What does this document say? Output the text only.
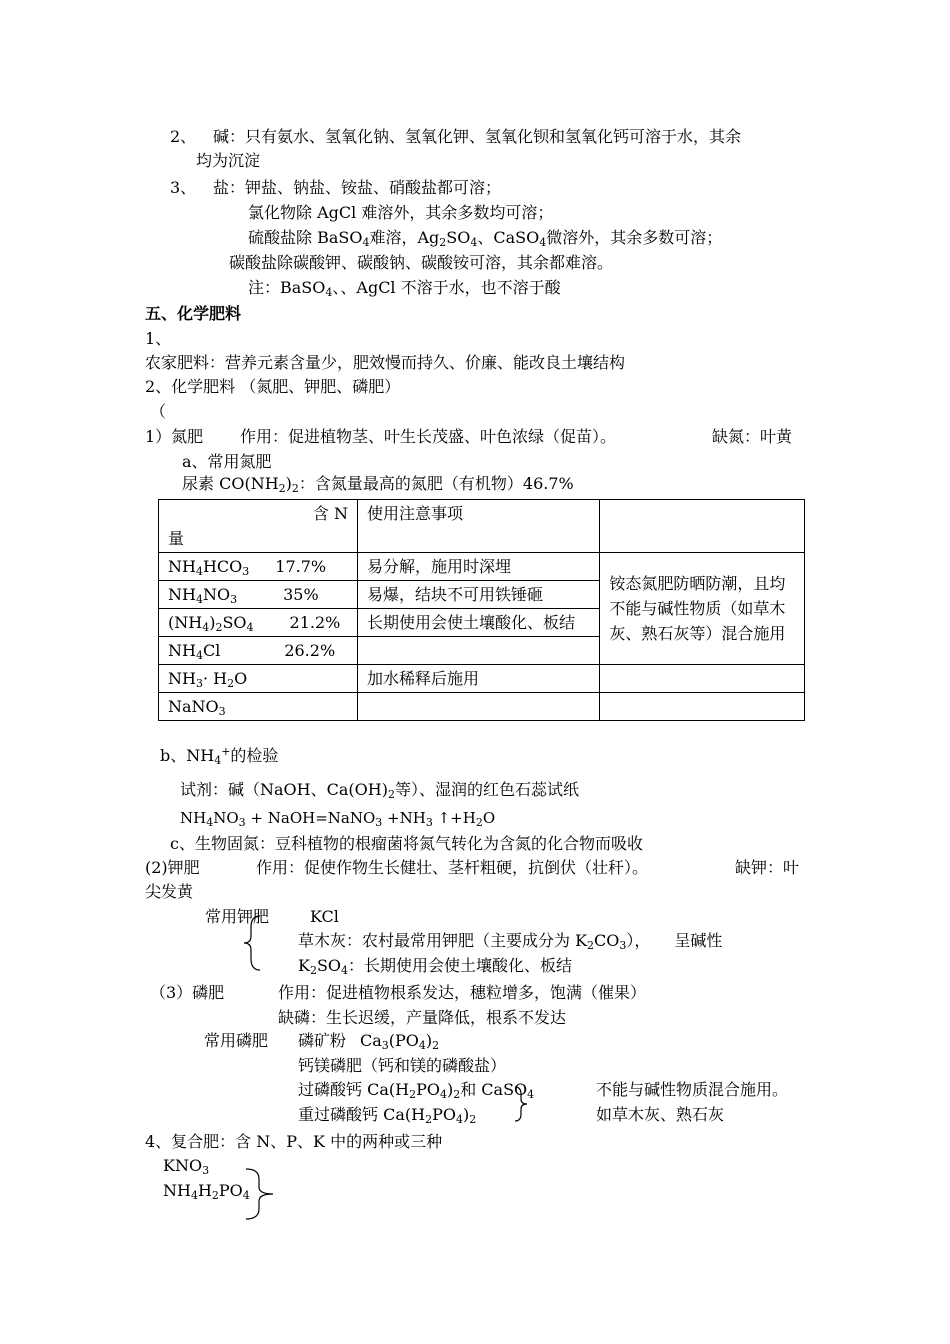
2、 碱：只有氨水、氢氧化钠、氢氧化钾、氢氧化钡和氢氧化钙可溶于水，其余
均为沉淀
3、 盐：钾盐、钠盐、铵盐、硝酸盐都可溶；
氯化物除 AgCl 难溶外，其余多数均可溶；
硫酸盐除 BaSO$_4$难溶，$Ag_2SO_4$、CaSO$_4$微溶外，其余多数可溶；
碳酸盐除碳酸钾、碳酸钠、碳酸铵可溶，其余都难溶。
注：BaSO$_4$、、AgCl 不溶于水，也不溶于酸
五、化学肥料
1、
农家肥料：营养元素含量少，肥效慢而持久、价廉、能改良土壤结构
2、化学肥料 （氮肥、钾肥、磷肥）
（
1）氮肥 作用：促进植物茎、叶生长茂盛、叶色浓绿（促苗）。	缺氮：叶黄
a、常用氮肥
尿素 $CO(NH_2)_2$：含氮量最高的氮肥（有机物）46.7%
含 N
量	使用注意事项	
$NH_4HCO_3$ 17.7%	易分解，施用时深埋	铵态氮肥防晒防潮，且均不能与碱性物质（如草木灰、熟石灰等）混合施用
$NH_4NO_3$ 35%	易爆，结块不可用铁锤砸	
$(NH_4)_2SO_4$ 21.2%	长期使用会使土壤酸化、板结	
$NH_4Cl$ 26.2%		
$NH_3\cdot H_2O$	加水稀释后施用	
NaNO$_3$		
b、$NH_4^+$的检验
试剂：碱（NaOH、$Ca(OH)_2$等）、湿润的红色石蕊试纸
$NH_4NO_3$ + NaOH=NaNO$_3$ $+NH_3$ $↑+H_2O$
c、生物固氮：豆科植物的根瘤菌将氮气转化为含氮的化合物而吸收
(2)钾肥	作用：促使作物生长健壮、茎杆粗硬，抗倒伏（壮秆）。	缺钾：叶
尖发黄
常用钾肥	KCl
草木灰：农村最常用钾肥（主要成分为 $K_2CO_3$）， 呈碱性
$K_2SO_4$：长期使用会使土壤酸化、板结
（3）磷肥	作用：促进植物根系发达，穗粒增多，饱满（催果）
缺磷：生长迟缓，产量降低，根系不发达
常用磷肥 磷矿粉 $Ca_3(PO_4)_2$
钙镁磷肥（钙和镁的磷酸盐）
过磷酸钙 $Ca(H_2PO_4)_2$和 CaSO$_4$	不能与碱性物质混合施用。
重过磷酸钙 $Ca(H_2PO_4)_2$	如草木灰、熟石灰
4、复合肥：含 N、P、K 中的两种或三种
$KNO_3$
$NH_4H_2PO_4$
